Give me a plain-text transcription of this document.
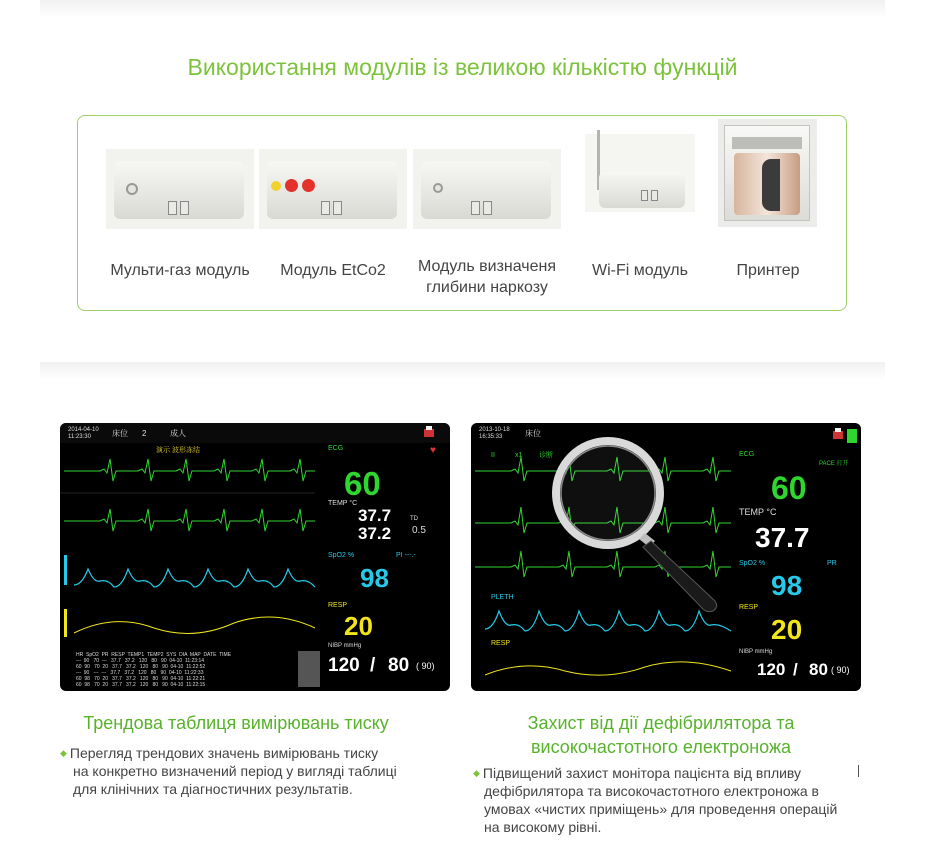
Використання модулів із великою кількістю функцій
Мульти-газ модуль	Модуль EtCo2	Модуль визначеня
глибини наркозу
Wi-Fi модуль	Принтер
2014-04-10
11:23:30	床位 2	成人
♥
演示 波形冻结	ECG
60
TEMP °C
37.7
37.2
TD
0.5
SpO2 %	PI ---.-
98
RESP
20
NIBP mmHg
120 / 80 ( 90)
HR  SpO2  PR  RESP  TEMP1  TEMP2  SYS  DIA  MAP  DATE  TIME
---  90   70  ---   37.7   37.2   120   80   90  04-10  11:23:14
60  90   70  20   37.7   37.2   120   80   90  04-10  11:22:52
---  90   ---  ---   37.7   37.2   120   80   90  04-10  11:22:33
60  98   70  20   37.7   37.2   120   80   90  04-10  11:22:21
60  98   70  20   37.7   37.2   120   80   90  04-10  11:22:15
2013-10-18
16:35:33	床位
II	x1 诊断
PLETH
RESP
ECG
PACE 打开
60
TEMP °C
37.7
SpO2 %	PR
98
RESP
20
NIBP mmHg
120 / 80 ( 90)
Трендова таблиця вимірювань тиску
◆ Перегляд трендових значень вимірювань тиску
на конкретно визначений період у вигляді таблиці
для клінічних та діагностичних результатів.
Захист від дії дефібрилятора та
високочастотного електроножа
◆ Підвищений захист монітора пацієнта від впливу
дефібрилятора та високочастотного електроножа в
умовах «чистих приміщень» для проведення операцій
на високому рівні.
